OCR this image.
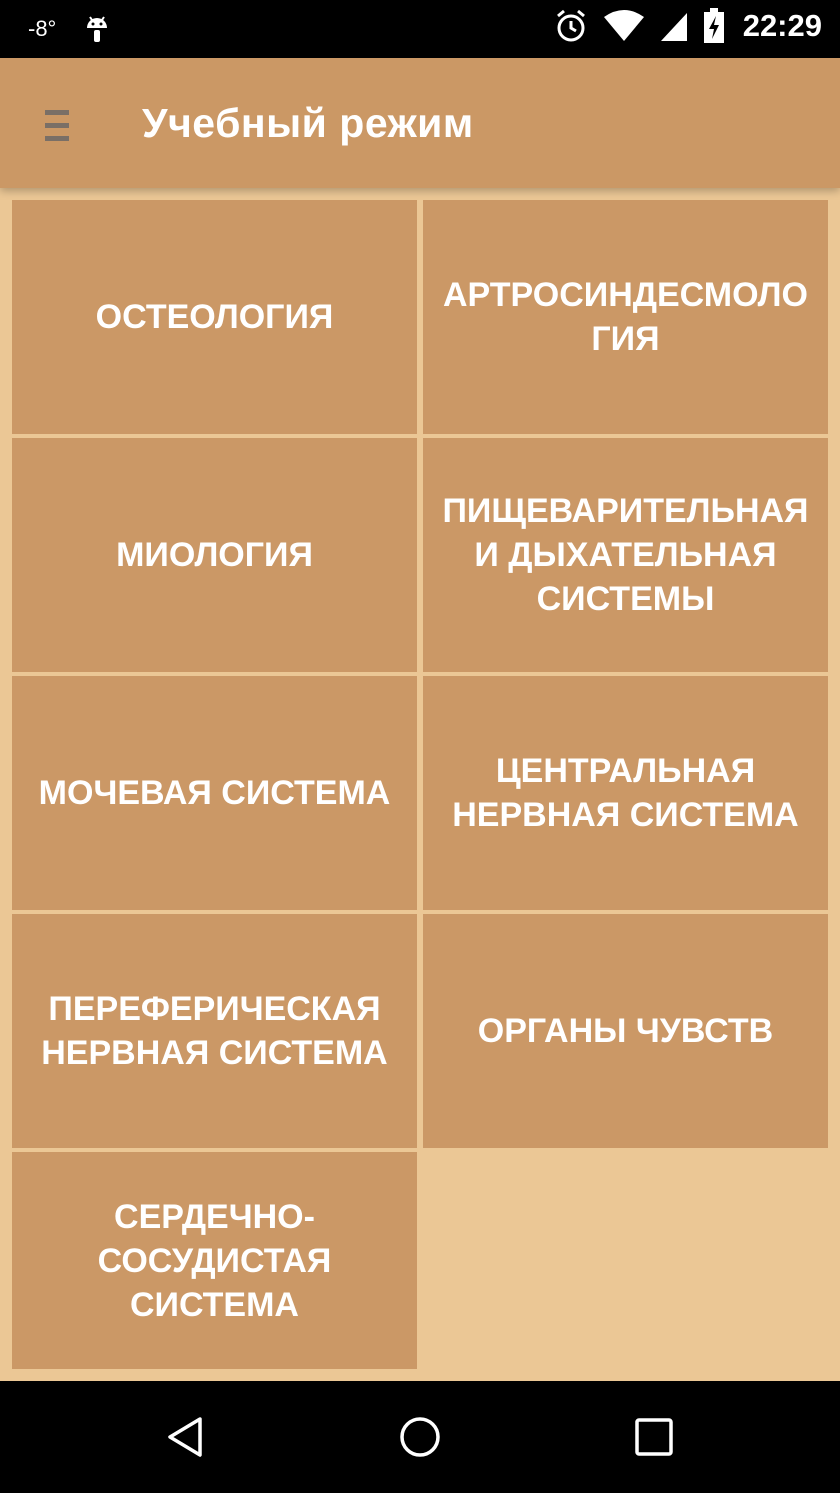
-8°	22:29
Учебный режим
ОСТЕОЛОГИЯ
АРТРОСИНДЕСМОЛО
ГИЯ
МИОЛОГИЯ
ПИЩЕВАРИТЕЛЬНАЯ
И ДЫХАТЕЛЬНАЯ
СИСТЕМЫ
МОЧЕВАЯ СИСТЕМА
ЦЕНТРАЛЬНАЯ
НЕРВНАЯ СИСТЕМА
ПЕРЕФЕРИЧЕСКАЯ
НЕРВНАЯ СИСТЕМА
ОРГАНЫ ЧУВСТВ
СЕРДЕЧНО-
СОСУДИСТАЯ
СИСТЕМА
